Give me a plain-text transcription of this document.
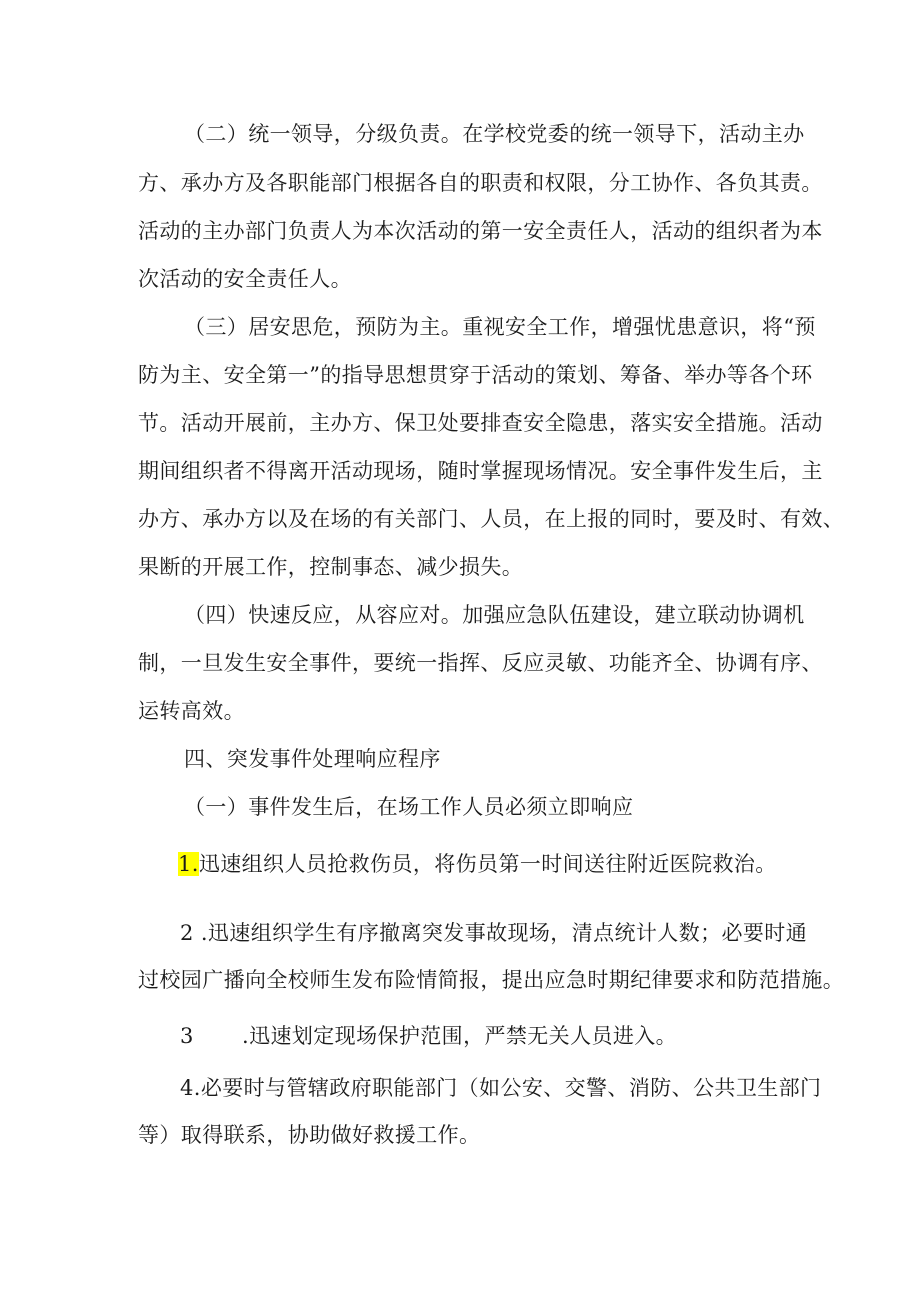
（二）统一领导，分级负责。在学校党委的统一领导下，活动主办
方、承办方及各职能部门根据各自的职责和权限，分工协作、各负其责。
活动的主办部门负责人为本次活动的第一安全责任人，活动的组织者为本
次活动的安全责任人。
（三）居安思危，预防为主。重视安全工作，增强忧患意识，将“预
防为主、安全第一”的指导思想贯穿于活动的策划、筹备、举办等各个环
节。活动开展前，主办方、保卫处要排查安全隐患，落实安全措施。活动
期间组织者不得离开活动现场，随时掌握现场情况。安全事件发生后，主
办方、承办方以及在场的有关部门、人员，在上报的同时，要及时、有效、
果断的开展工作，控制事态、减少损失。
（四）快速反应，从容应对。加强应急队伍建设，建立联动协调机
制，一旦发生安全事件，要统一指挥、反应灵敏、功能齐全、协调有序、
运转高效。
四、突发事件处理响应程序
（一）事件发生后，在场工作人员必须立即响应
1.迅速组织人员抢救伤员，将伤员第一时间送往附近医院救治。
2 .迅速组织学生有序撤离突发事故现场，清点统计人数；必要时通
过校园广播向全校师生发布险情简报，提出应急时期纪律要求和防范措施。
3 .迅速划定现场保护范围，严禁无关人员进入。
4.必要时与管辖政府职能部门（如公安、交警、消防、公共卫生部门
等）取得联系，协助做好救援工作。
